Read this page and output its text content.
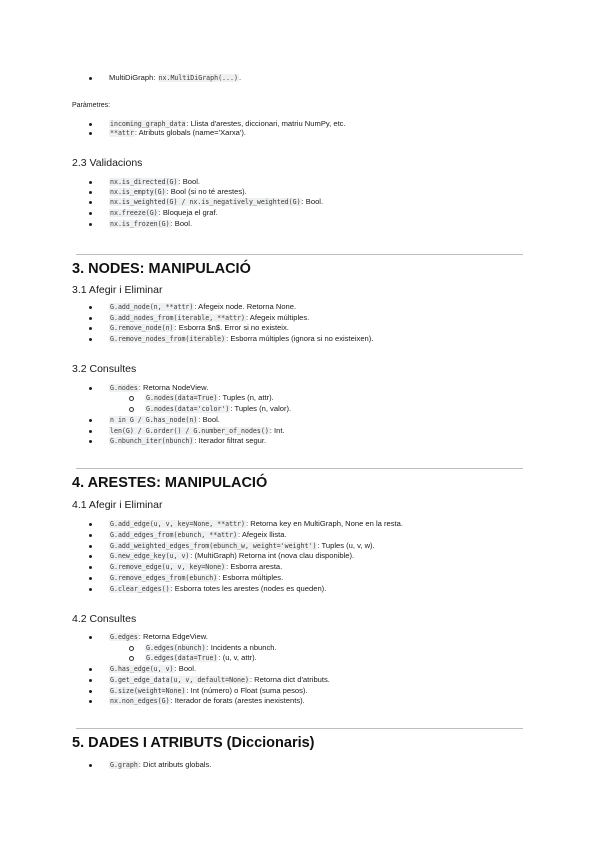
MultiDiGraph: nx.MultiDiGraph(...).
Paràmetres:
incoming_graph_data: Llista d'arestes, diccionari, matriu NumPy, etc.
**attr: Atributs globals (name='Xarxa').
2.3 Validacions
nx.is_directed(G): Bool.
nx.is_empty(G): Bool (si no té arestes).
nx.is_weighted(G) / nx.is_negatively_weighted(G): Bool.
nx.freeze(G): Bloqueja el graf.
nx.is_frozen(G): Bool.
3. NODES: MANIPULACIÓ
3.1 Afegir i Eliminar
G.add_node(n, **attr): Afegeix node. Retorna None.
G.add_nodes_from(iterable, **attr): Afegeix múltiples.
G.remove_node(n): Esborra $n$. Error si no existeix.
G.remove_nodes_from(iterable): Esborra múltiples (ignora si no existeixen).
3.2 Consultes
G.nodes: Retorna NodeView.
G.nodes(data=True): Tuples (n, attr).
G.nodes(data='color'): Tuples (n, valor).
n in G / G.has_node(n): Bool.
len(G) / G.order() / G.number_of_nodes(): Int.
G.nbunch_iter(nbunch): Iterador filtrat segur.
4. ARESTES: MANIPULACIÓ
4.1 Afegir i Eliminar
G.add_edge(u, v, key=None, **attr): Retorna key en MultiGraph, None en la resta.
G.add_edges_from(ebunch, **attr): Afegeix llista.
G.add_weighted_edges_from(ebunch_w, weight='weight'): Tuples (u, v, w).
G.new_edge_key(u, v): (MultiGraph) Retorna int (nova clau disponible).
G.remove_edge(u, v, key=None): Esborra aresta.
G.remove_edges_from(ebunch): Esborra múltiples.
G.clear_edges(): Esborra totes les arestes (nodes es queden).
4.2 Consultes
G.edges: Retorna EdgeView.
G.edges(nbunch): Incidents a nbunch.
G.edges(data=True): (u, v, attr).
G.has_edge(u, v): Bool.
G.get_edge_data(u, v, default=None): Retorna dict d'atributs.
G.size(weight=None): Int (número) o Float (suma pesos).
nx.non_edges(G): Iterador de forats (arestes inexistents).
5. DADES I ATRIBUTS (Diccionaris)
G.graph: Dict atributs globals.
